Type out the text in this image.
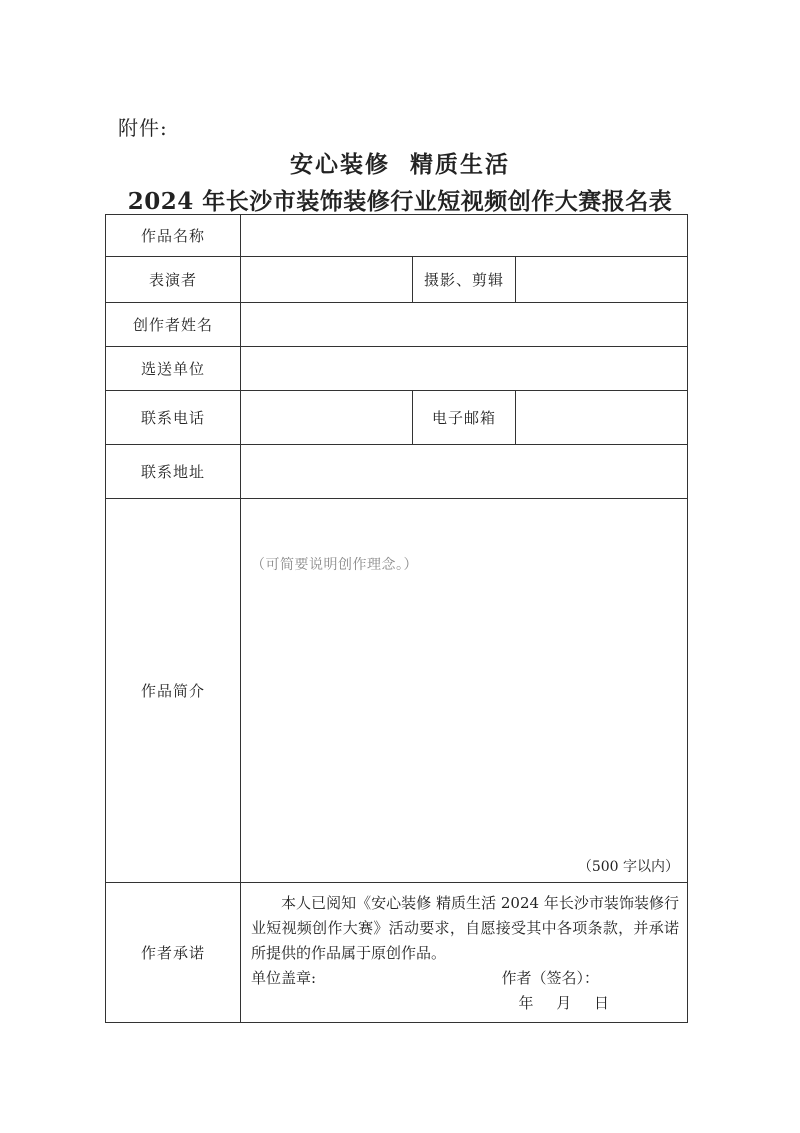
附件:
安心装修 精质生活
2024 年长沙市装饰装修行业短视频创作大赛报名表
作品名称			
表演者		摄影、剪辑	
创作者姓名			
选送单位			
联系电话		电子邮箱	
联系地址			
作品简介	（可简要说明创作理念。）
（500 字以内）		

作者承诺	本人已阅知《安心装修 精质生活 2024 年长沙市装饰装修行业短视频创作大赛》活动要求，自愿接受其中各项条款，并承诺所提供的作品属于原创作品。
单位盖章: 作者（签名）：
年 月 日		
